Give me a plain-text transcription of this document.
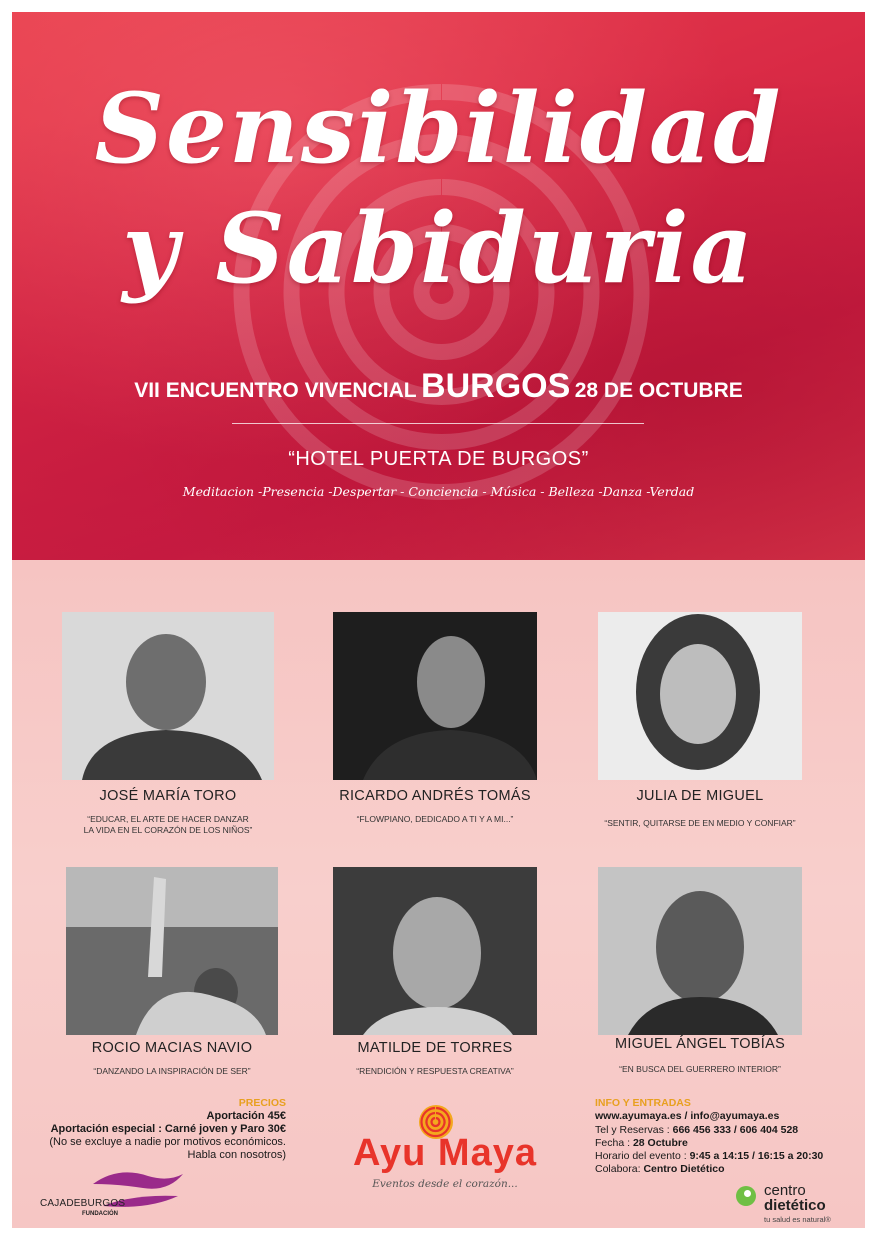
Sensibilidad
y Sabiduria
VII ENCUENTRO VIVENCIAL BURGOS 28 DE OCTUBRE
“HOTEL PUERTA DE BURGOS”
Meditacion -Presencia -Despertar - Conciencia - Música - Belleza -Danza -Verdad
JOSÉ MARÍA TORO
“EDUCAR, EL ARTE DE HACER DANZAR
LA VIDA EN EL CORAZÓN DE LOS NIÑOS”
RICARDO ANDRÉS TOMÁS
“FLOWPIANO, DEDICADO A TI Y A MI...”
JULIA DE MIGUEL
“SENTIR, QUITARSE DE EN MEDIO Y CONFIAR”
ROCIO MACIAS NAVIO
“DANZANDO LA INSPIRACIÓN DE SER”
MATILDE DE TORRES
“RENDICIÓN Y RESPUESTA CREATIVA”
MIGUEL ÁNGEL TOBÍAS
“EN BUSCA DEL GUERRERO INTERIOR”
PRECIOS
Aportación 45€
Aportación especial : Carné joven y Paro 30€
(No se excluye a nadie por motivos económicos.
Habla con nosotros) Ayu Maya
Eventos desde el corazón...
INFO Y ENTRADAS
www.ayumaya.es / info@ayumaya.es
Tel y Reservas : 666 456 333 / 606 404 528
Fecha : 28 Octubre
Horario del evento : 9:45 a 14:15 / 16:15 a 20:30
Colabora: Centro Dietético
CAJADEBURGOS
FUNDACIÓN
centro
dietético
tu salud es natural®
